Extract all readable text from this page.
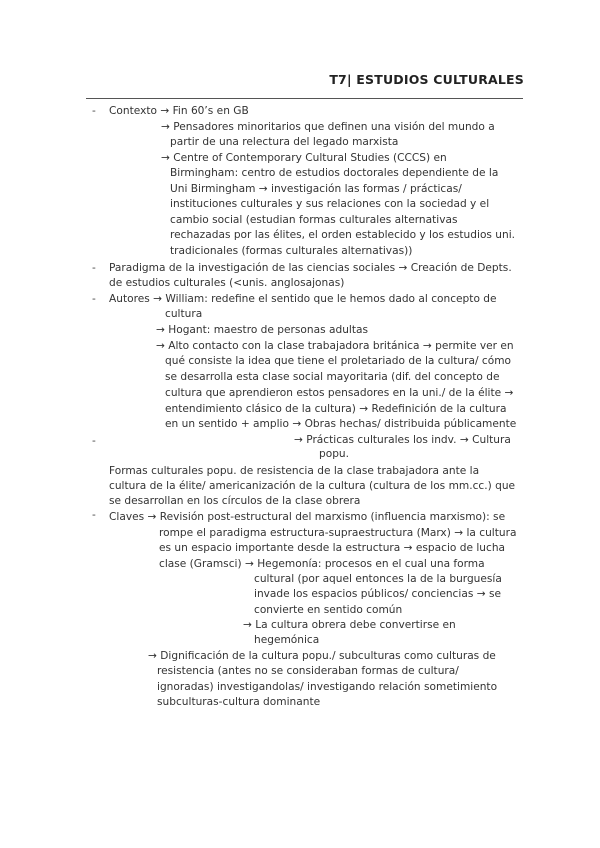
T7| ESTUDIOS CULTURALES
-
-
-
-
-
Contexto → Fin 60’s en GB
→ Pensadores minoritarios que definen una visión del mundo a
partir de una relectura del legado marxista
→ Centre of Contemporary Cultural Studies (CCCS) en
Birmingham: centro de estudios doctorales dependiente de la
Uni Birmingham → investigación las formas / prácticas/
instituciones culturales y sus relaciones con la sociedad y el
cambio social (estudian formas culturales alternativas
rechazadas por las élites, el orden establecido y los estudios uni.
tradicionales (formas culturales alternativas))
Paradigma de la investigación de las ciencias sociales → Creación de Depts.
de estudios culturales (<unis. anglosajonas)
Autores → William: redefine el sentido que le hemos dado al concepto de
cultura
→ Hogant: maestro de personas adultas
→ Alto contacto con la clase trabajadora británica → permite ver en
qué consiste la idea que tiene el proletariado de la cultura/ cómo
se desarrolla esta clase social mayoritaria (dif. del concepto de
cultura que aprendieron estos pensadores en la uni./ de la élite →
entendimiento clásico de la cultura) → Redefinición de la cultura
en un sentido + amplio → Obras hechas/ distribuida públicamente
→ Prácticas culturales los indv. → Cultura
popu.
Formas culturales popu. de resistencia de la clase trabajadora ante la
cultura de la élite/ americanización de la cultura (cultura de los mm.cc.) que
se desarrollan en los círculos de la clase obrera
Claves → Revisión post-estructural del marxismo (influencia marxismo): se
rompe el paradigma estructura-supraestructura (Marx) → la cultura
es un espacio importante desde la estructura → espacio de lucha
clase (Gramsci) → Hegemonía: procesos en el cual una forma
cultural (por aquel entonces la de la burguesía
invade los espacios públicos/ conciencias → se
convierte en sentido común
→ La cultura obrera debe convertirse en
hegemónica
→ Dignificación de la cultura popu./ subculturas como culturas de
resistencia (antes no se consideraban formas de cultura/
ignoradas) investigandolas/ investigando relación sometimiento
subculturas-cultura dominante
